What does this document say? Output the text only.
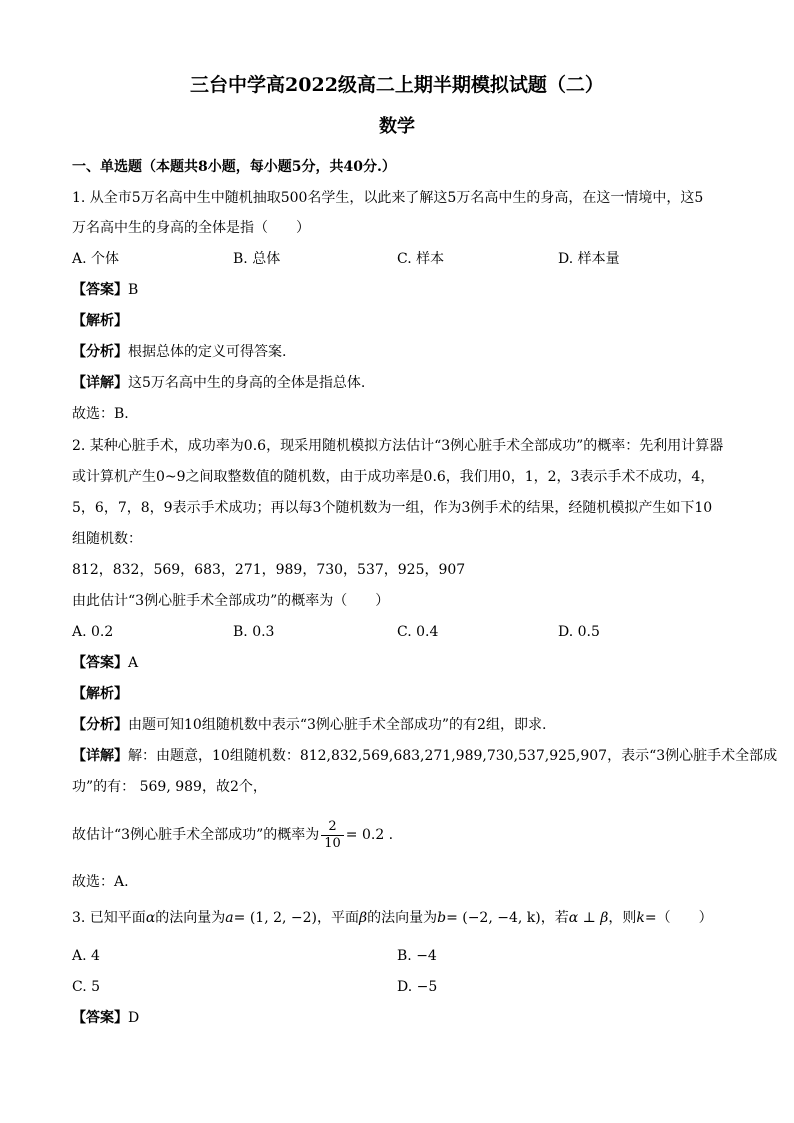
三台中学高2022级高二上期半期模拟试题（二）
数学
一、单选题（本题共8小题，每小题5分，共40分.）
1. 从全市5万名高中生中随机抽取500名学生，以此来了解这5万名高中生的身高，在这一情境中，这5
万名高中生的身高的全体是指（　　）
A. 个体	B. 总体	C. 样本	D. 样本量
【答案】B
【解析】
【分析】根据总体的定义可得答案.
【详解】这5万名高中生的身高的全体是指总体.
故选：B.
2. 某种心脏手术，成功率为0.6，现采用随机模拟方法估计“3例心脏手术全部成功”的概率：先利用计算器
或计算机产生0~9之间取整数值的随机数，由于成功率是0.6，我们用0，1，2，3表示手术不成功，4，
5，6，7，8，9表示手术成功；再以每3个随机数为一组，作为3例手术的结果，经随机模拟产生如下10
组随机数：
812，832，569，683，271，989，730，537，925，907
由此估计“3例心脏手术全部成功”的概率为（　　）
A. 0.2	B. 0.3	C. 0.4	D. 0.5
【答案】A
【解析】
【分析】由题可知10组随机数中表示“3例心脏手术全部成功”的有2组，即求.
【详解】解：由题意，10组随机数：812,832,569,683,271,989,730,537,925,907，表示“3例心脏手术全部成
功”的有： 569, 989，故2个，
故估计“3例心脏手术全部成功”的概率为 $\frac{2}{10} = 0.2$ .
故选：A.
3. 已知平面α的法向量为a= (1, 2, −2)，平面β的法向量为b= (−2, −4, k)，若α ⊥ β，则k=（　　）
A. 4	B. −4
C. 5	D. −5
【答案】D
